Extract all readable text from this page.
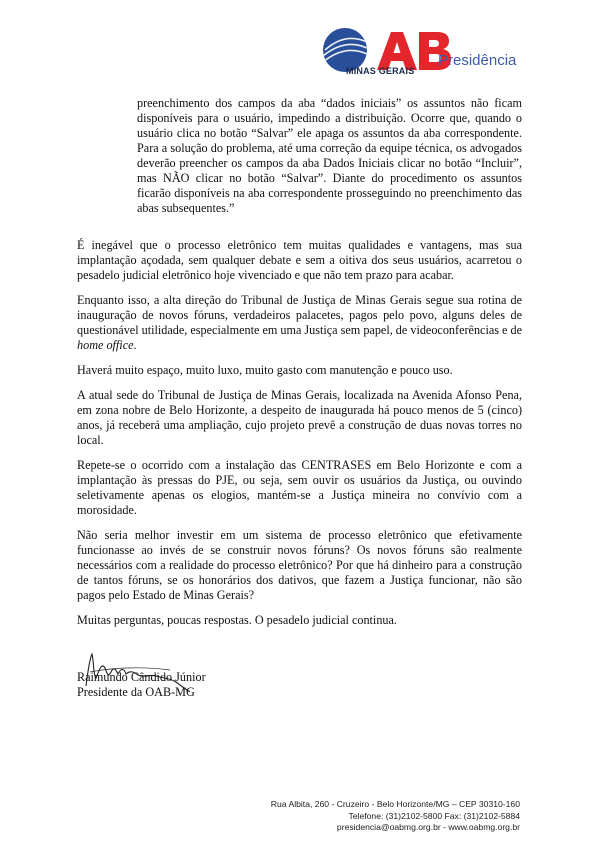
MINAS GERAIS
Presidência
preenchimento dos campos da aba “dados iniciais” os assuntos não ficam disponíveis para o usuário, impedindo a distribuição. Ocorre que, quando o usuário clica no botão “Salvar” ele apaga os assuntos da aba correspondente. Para a solução do problema, até uma correção da equipe técnica, os advogados deverão preencher os campos da aba Dados Iniciais clicar no botão “Incluir”, mas NÃO clicar no botão “Salvar”. Diante do procedimento os assuntos ficarão disponíveis na aba correspondente prosseguindo no preenchimento das abas subsequentes.”

É inegável que o processo eletrônico tem muitas qualidades e vantagens, mas sua implantação açodada, sem qualquer debate e sem a oitiva dos seus usuários, acarretou o pesadelo judicial eletrônico hoje vivenciado e que não tem prazo para acabar.

Enquanto isso, a alta direção do Tribunal de Justiça de Minas Gerais segue sua rotina de inauguração de novos fóruns, verdadeiros palacetes, pagos pelo povo, alguns deles de questionável utilidade, especialmente em uma Justiça sem papel, de videoconferências e de home office.

Haverá muito espaço, muito luxo, muito gasto com manutenção e pouco uso.

A atual sede do Tribunal de Justiça de Minas Gerais, localizada na Avenida Afonso Pena, em zona nobre de Belo Horizonte, a despeito de inaugurada há pouco menos de 5 (cinco) anos, já receberá uma ampliação, cujo projeto prevê a construção de duas novas torres no local.

Repete-se o ocorrido com a instalação das CENTRASES em Belo Horizonte e com a implantação às pressas do PJE, ou seja, sem ouvir os usuários da Justiça, ou ouvindo seletivamente apenas os elogios, mantém-se a Justiça mineira no convívio com a morosidade.

Não seria melhor investir em um sistema de processo eletrônico que efetivamente funcionasse ao invés de se construir novos fóruns? Os novos fóruns são realmente necessários com a realidade do processo eletrônico? Por que há dinheiro para a construção de tantos fóruns, se os honorários dos dativos, que fazem a Justiça funcionar, não são pagos pelo Estado de Minas Gerais?

Muitas perguntas, poucas respostas. O pesadelo judicial continua.

Raimundo Cândido Júnior
Presidente da OAB-MG
Rua Albita, 260 - Cruzeiro - Belo Horizonte/MG – CEP 30310-160
Telefone: (31)2102-5800 Fax: (31)2102-5884
presidencia@oabmg.org.br - www.oabmg.org.br
